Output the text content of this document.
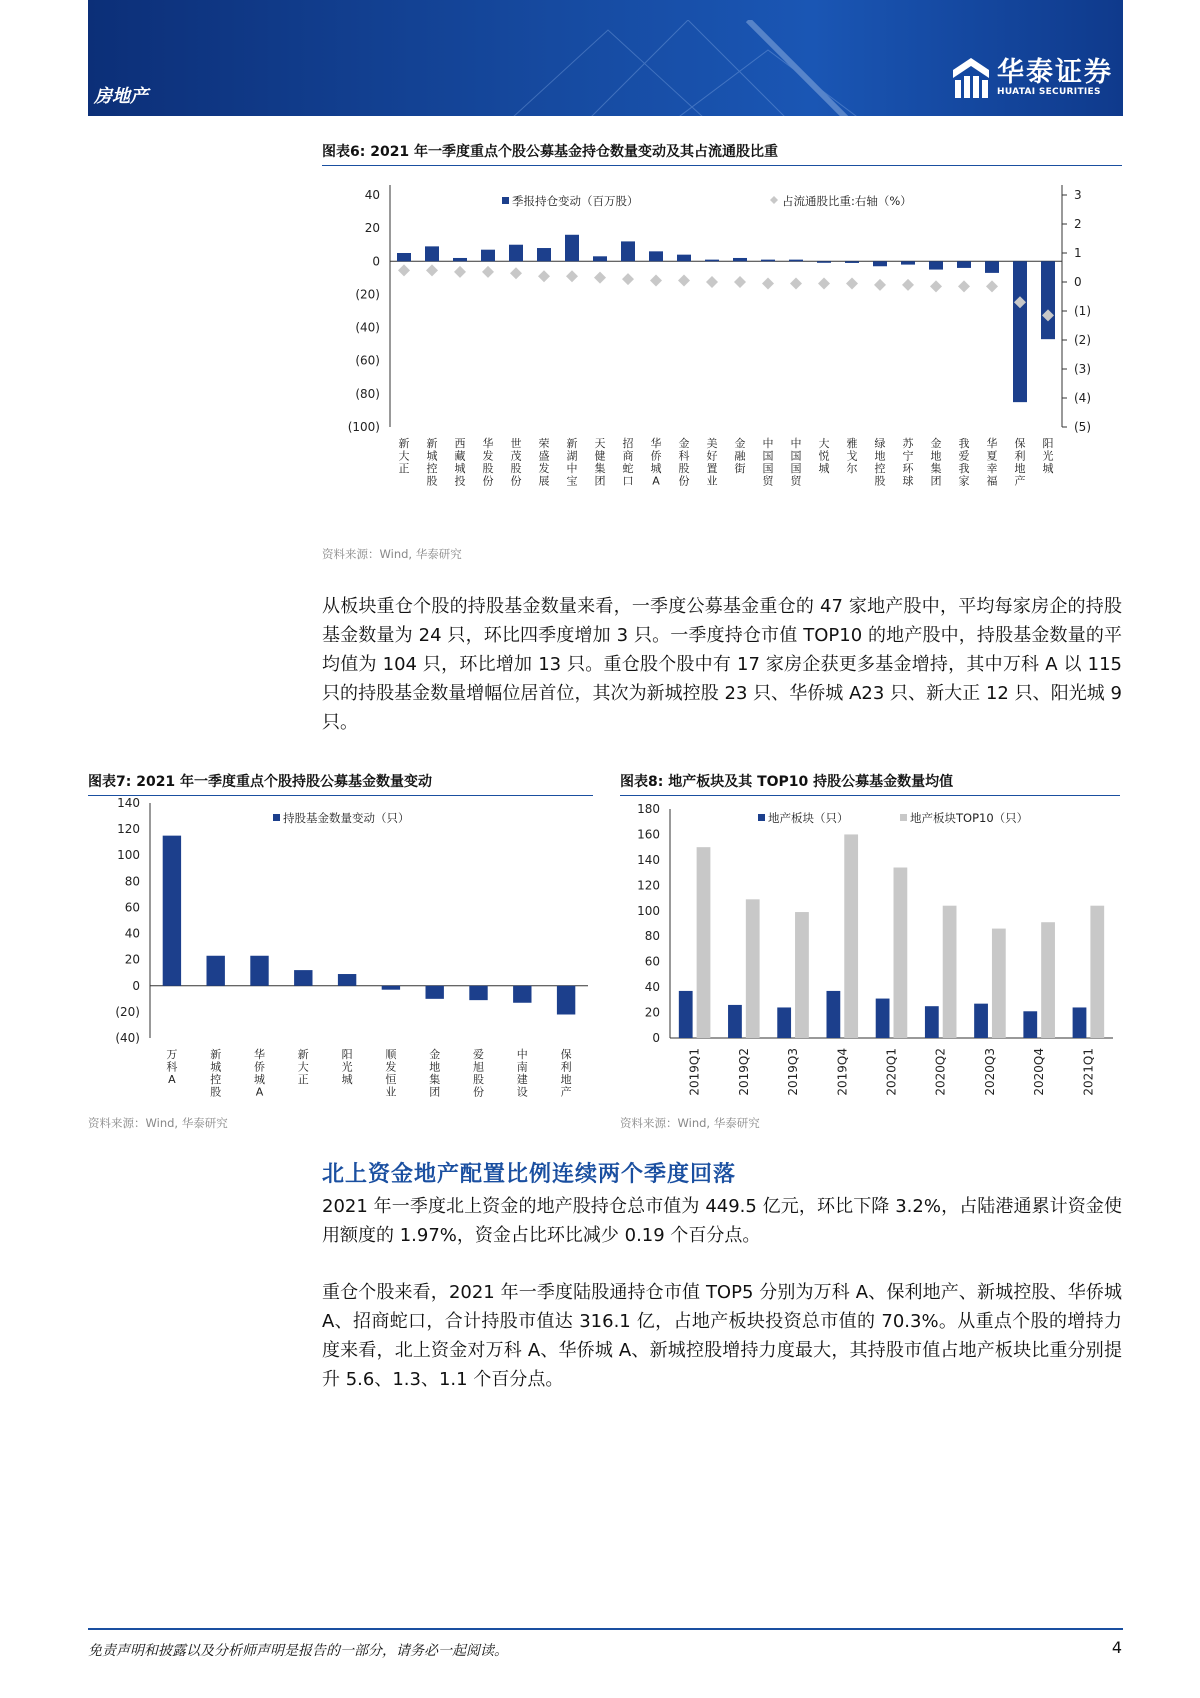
房地产
华泰证券
HUATAI SECURITIES
图表6: 2021 年一季度重点个股公募基金持仓数量变动及其占流通股比重
40
20
0
(20)
(40)
(60)
(80)
(100)
3
2
1
0
(1)
(2)
(3)
(4)
(5)
新大正
新城控股
西藏城投
华发股份
世茂股份
荣盛发展
新湖中宝
天健集团
招商蛇口
华侨城 A
金科股份
美好置业
金融街
中国国贸
中国国贸
大悦城
雅戈尔
绿地控股
苏宁环球
金地集团
我爱我家
华夏幸福
保利地产
阳光城
季报持仓变动（百万股）	占流通股比重:右轴（%）
资料来源：Wind, 华泰研究

从板块重仓个股的持股基金数量来看，一季度公募基金重仓的 47 家地产股中，平均每家房企的持股基金数量为 24 只，环比四季度增加 3 只。一季度持仓市值 TOP10 的地产股中，持股基金数量的平均值为 104 只，环比增加 13 只。重仓股个股中有 17 家房企获更多基金增持，其中万科 A 以 115 只的持股基金数量增幅位居首位，其次为新城控股 23 只、华侨城 A23 只、新大正 12 只、阳光城 9 只。

图表7: 2021 年一季度重点个股持股公募基金数量变动
140
120
100
80
60
40
20
0
(20)
(40)
万科 A
新城控股
华侨城 A
新大正
阳光城
顺发恒业
金地集团
爱旭股份
中南建设
保利地产
持股基金数量变动（只）
资料来源：Wind, 华泰研究
图表8: 地产板块及其 TOP10 持股公募基金数量均值
180
160
140
120
100
80
60
40
20
0
2019Q1	2019Q2	2019Q3	2019Q4	2020Q1	2020Q2	2020Q3	2020Q4	2021Q1
地产板块（只）	地产板块TOP10（只）
资料来源：Wind, 华泰研究
北上资金地产配置比例连续两个季度回落

2021 年一季度北上资金的地产股持仓总市值为 449.5 亿元，环比下降 3.2%，占陆港通累计资金使用额度的 1.97%，资金占比环比减少 0.19 个百分点。

重仓个股来看，2021 年一季度陆股通持仓市值 TOP5 分别为万科 A、保利地产、新城控股、华侨城 A、招商蛇口，合计持股市值达 316.1 亿，占地产板块投资总市值的 70.3%。从重点个股的增持力度来看，北上资金对万科 A、华侨城 A、新城控股增持力度最大，其持股市值占地产板块比重分别提升 5.6、1.3、1.1 个百分点。

免责声明和披露以及分析师声明是报告的一部分，请务必一起阅读。	4
